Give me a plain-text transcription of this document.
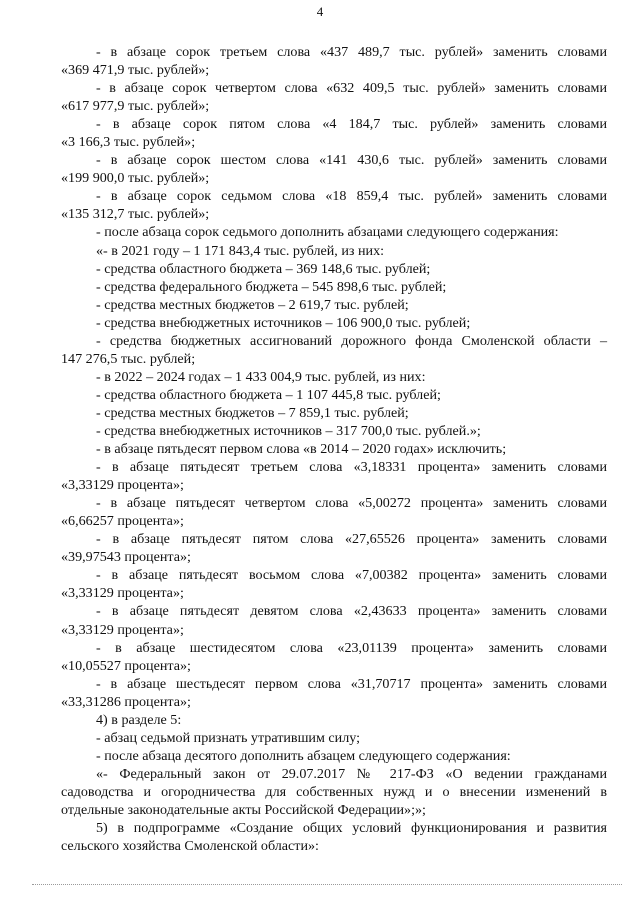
4
- в абзаце сорок третьем слова «437 489,7 тыс. рублей» заменить словами
«369 471,9 тыс. рублей»;
- в абзаце сорок четвертом слова «632 409,5 тыс. рублей» заменить словами
«617 977,9 тыс. рублей»;
- в абзаце сорок пятом слова «4 184,7 тыс. рублей» заменить словами
«3 166,3 тыс. рублей»;
- в абзаце сорок шестом слова «141 430,6 тыс. рублей» заменить словами
«199 900,0 тыс. рублей»;
- в абзаце сорок седьмом слова «18 859,4 тыс. рублей» заменить словами
«135 312,7 тыс. рублей»;
- после абзаца сорок седьмого дополнить абзацами следующего содержания:
«- в 2021 году – 1 171 843,4 тыс. рублей, из них:
- средства областного бюджета – 369 148,6 тыс. рублей;
- средства федерального бюджета – 545 898,6 тыс. рублей;
- средства местных бюджетов – 2 619,7 тыс. рублей;
- средства внебюджетных источников – 106 900,0 тыс. рублей;
- средства бюджетных ассигнований дорожного фонда Смоленской области –
147 276,5 тыс. рублей;
- в 2022 – 2024 годах – 1 433 004,9 тыс. рублей, из них:
- средства областного бюджета – 1 107 445,8 тыс. рублей;
- средства местных бюджетов – 7 859,1 тыс. рублей;
- средства внебюджетных источников – 317 700,0 тыс. рублей.»;
- в абзаце пятьдесят первом слова «в 2014 – 2020 годах» исключить;
- в абзаце пятьдесят третьем слова «3,18331 процента» заменить словами
«3,33129 процента»;
- в абзаце пятьдесят четвертом слова «5,00272 процента» заменить словами
«6,66257 процента»;
- в абзаце пятьдесят пятом слова «27,65526 процента» заменить словами
«39,97543 процента»;
- в абзаце пятьдесят восьмом слова «7,00382 процента» заменить словами
«3,33129 процента»;
- в абзаце пятьдесят девятом слова «2,43633 процента» заменить словами
«3,33129 процента»;
- в абзаце шестидесятом слова «23,01139 процента» заменить словами
«10,05527 процента»;
- в абзаце шестьдесят первом слова «31,70717 процента» заменить словами
«33,31286 процента»;
4) в разделе 5:
- абзац седьмой признать утратившим силу;
- после абзаца десятого дополнить абзацем следующего содержания:
«- Федеральный закон от 29.07.2017 № 217-ФЗ «О ведении гражданами
садоводства и огородничества для собственных нужд и о внесении изменений в
отдельные законодательные акты Российской Федерации»;»;
5) в подпрограмме «Создание общих условий функционирования и развития
сельского хозяйства Смоленской области»:
